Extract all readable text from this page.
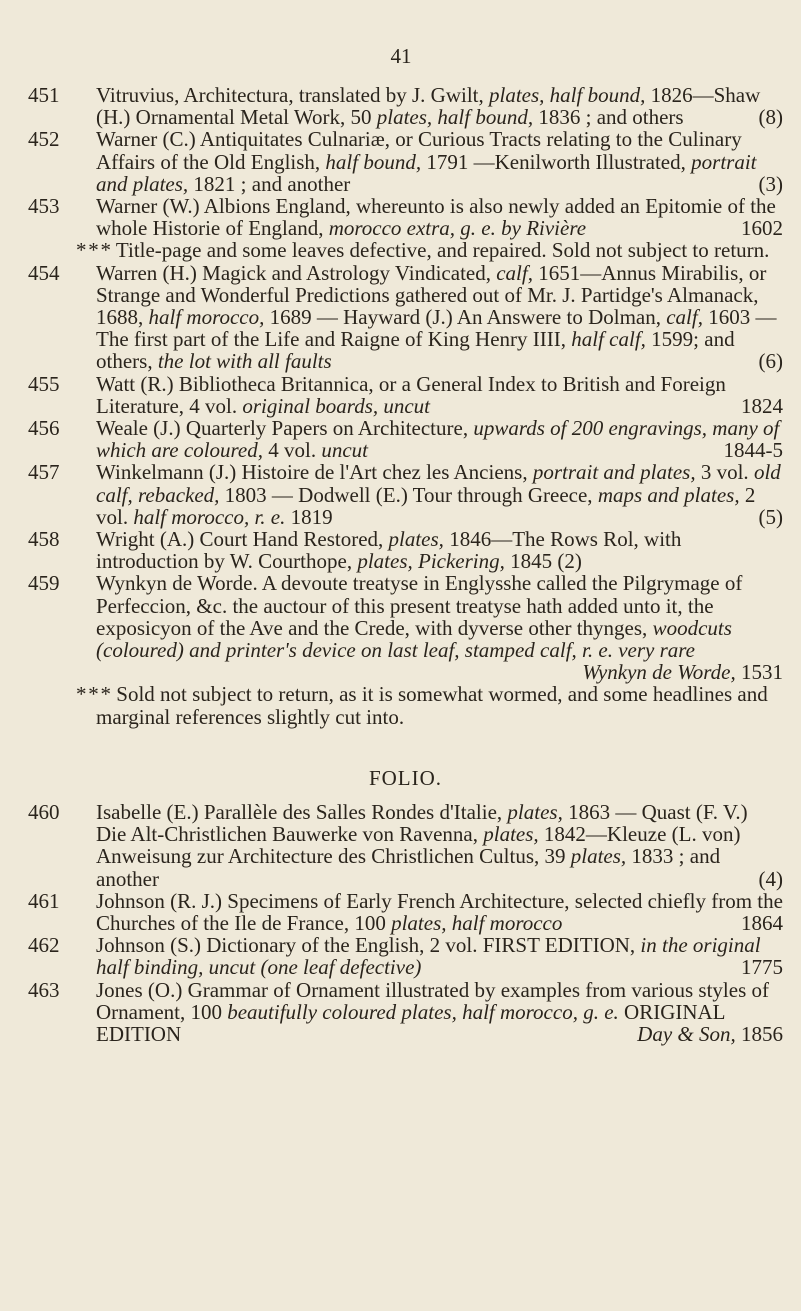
41
451	Vitruvius, Architectura, translated by J. Gwilt, plates, half bound, 1826—Shaw (H.) Ornamental Metal Work, 50 plates, half bound, 1836 ; and others	(8)
452	Warner (C.) Antiquitates Culnariæ, or Curious Tracts relating to the Culinary Affairs of the Old English, half bound, 1791 —Kenilworth Illustrated, portrait and plates, 1821 ; and another	(3)
453	Warner (W.) Albions England, whereunto is also newly added an Epitomie of the whole Historie of England, morocco extra, g. e. by Rivière	1602
* * * Title-page and some leaves defective, and repaired. Sold not subject to return.
454	Warren (H.) Magick and Astrology Vindicated, calf, 1651—Annus Mirabilis, or Strange and Wonderful Predictions gathered out of Mr. J. Partidge's Almanack, 1688, half morocco, 1689 — Hayward (J.) An Answere to Dolman, calf, 1603 — The first part of the Life and Raigne of King Henry IIII, half calf, 1599; and others, the lot with all faults	(6)
455	Watt (R.) Bibliotheca Britannica, or a General Index to British and Foreign Literature, 4 vol. original boards, uncut	1824
456	Weale (J.) Quarterly Papers on Architecture, upwards of 200 engravings, many of which are coloured, 4 vol. uncut	1844-5
457	Winkelmann (J.) Histoire de l'Art chez les Anciens, portrait and plates, 3 vol. old calf, rebacked, 1803 — Dodwell (E.) Tour through Greece, maps and plates, 2 vol. half morocco, r. e. 1819	(5)
458	Wright (A.) Court Hand Restored, plates, 1846—The Rows Rol, with introduction by W. Courthope, plates, Pickering, 1845 (2)
459	Wynkyn de Worde. A devoute treatyse in Englysshe called the Pilgrymage of Perfeccion, &c. the auctour of this present treatyse hath added unto it, the exposicyon of the Ave and the Crede, with dyverse other thynges, woodcuts (coloured) and printer's device on last leaf, stamped calf, r. e. very rare
Wynkyn de Worde, 1531
* * * Sold not subject to return, as it is somewhat wormed, and some headlines and marginal references slightly cut into.
FOLIO.
460	Isabelle (E.) Parallèle des Salles Rondes d'Italie, plates, 1863 — Quast (F. V.) Die Alt-Christlichen Bauwerke von Ravenna, plates, 1842—Kleuze (L. von) Anweisung zur Architecture des Christlichen Cultus, 39 plates, 1833 ; and another	(4)
461	Johnson (R. J.) Specimens of Early French Architecture, selected chiefly from the Churches of the Ile de France, 100 plates, half morocco	1864
462	Johnson (S.) Dictionary of the English, 2 vol. FIRST EDITION, in the original half binding, uncut (one leaf defective)	1775
463	Jones (O.) Grammar of Ornament illustrated by examples from various styles of Ornament, 100 beautifully coloured plates, half morocco, g. e. ORIGINAL EDITION	Day & Son, 1856
